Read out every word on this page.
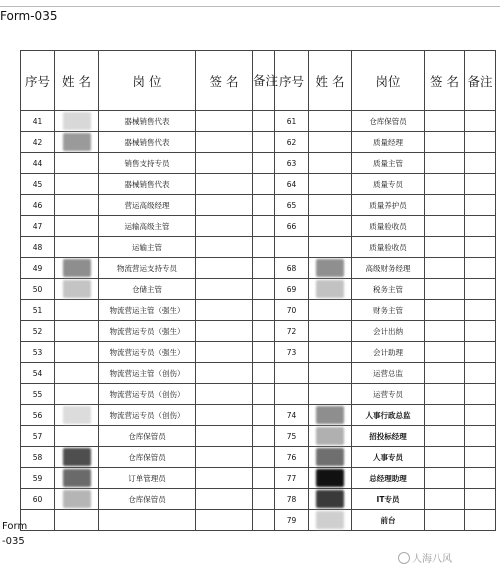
Form-035
序号	姓 名	岗 位	签 名	备注	序号	姓 名	岗位	签 名	备注
41		器械销售代表			61		仓库保管员		
42		器械销售代表			62		质量经理		
44		销售支持专员			63		质量主管		
45		器械销售代表			64		质量专员		
46		营运高级经理			65		质量养护员		
47		运输高级主管			66		质量验收员		
48		运输主管					质量验收员		
49		物流营运支持专员			68		高级财务经理		
50		仓储主管			69		税务主管		
51		物流营运主管（强生）			70		财务主管		
52		物流营运专员（强生）			72		会计出纳		
53		物流营运专员（强生）			73		会计助理		
54		物流营运主管（创伤）					运营总监		
55		物流营运专员（创伤）					运营专员		
56		物流营运专员（创伤）			74		人事行政总监		
57		仓库保管员			75		招投标经理		
58		仓库保管员			76		人事专员		
59		订单管理员			77		总经理助理		
60		仓库保管员			78		IT专员		
					79		前台		
Form
-035
人海八风
